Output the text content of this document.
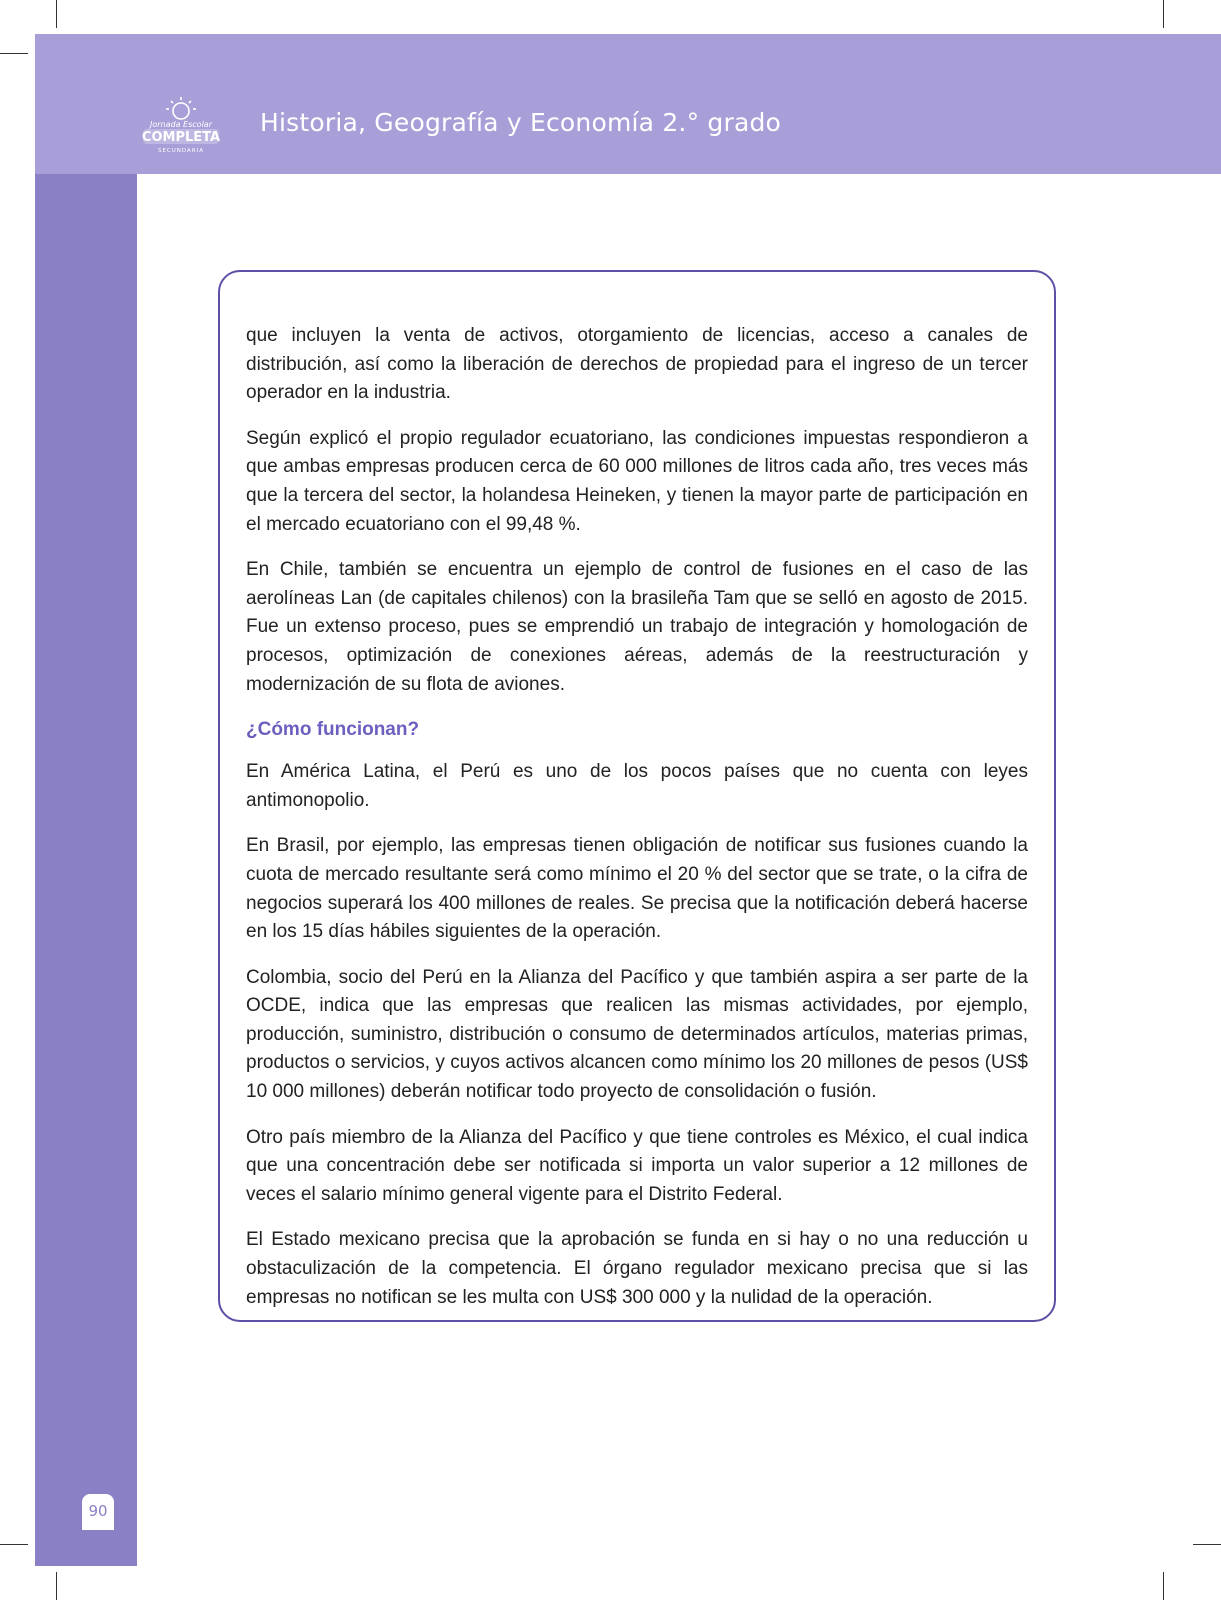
Jornada Escolar
COMPLETA
SECUNDARIA
Historia, Geografía y Economía 2.° grado
90

que incluyen la venta de activos, otorgamiento de licencias, acceso a canales de distribución, así como la liberación de derechos de propiedad para el ingreso de un tercer operador en la industria.

Según explicó el propio regulador ecuatoriano, las condiciones impuestas respondieron a que ambas empresas producen cerca de 60 000 millones de litros cada año, tres veces más que la tercera del sector, la holandesa Heineken, y tienen la mayor parte de participación en el mercado ecuatoriano con el 99,48 %.

En Chile, también se encuentra un ejemplo de control de fusiones en el caso de las aerolíneas Lan (de capitales chilenos) con la brasileña Tam que se selló en agosto de 2015. Fue un extenso proceso, pues se emprendió un trabajo de integración y homologación de procesos, optimización de conexiones aéreas, además de la reestructuración y modernización de su flota de aviones.

¿Cómo funcionan?

En América Latina, el Perú es uno de los pocos países que no cuenta con leyes antimonopolio.

En Brasil, por ejemplo, las empresas tienen obligación de notificar sus fusiones cuando la cuota de mercado resultante será como mínimo el 20 % del sector que se trate, o la cifra de negocios superará los 400 millones de reales. Se precisa que la notificación deberá hacerse en los 15 días hábiles siguientes de la operación.

Colombia, socio del Perú en la Alianza del Pacífico y que también aspira a ser parte de la OCDE, indica que las empresas que realicen las mismas actividades, por ejemplo, producción, suministro, distribución o consumo de determinados artículos, materias primas, productos o servicios, y cuyos activos alcancen como mínimo los 20 millones de pesos (US$ 10 000 millones) deberán notificar todo proyecto de consolidación o fusión.

Otro país miembro de la Alianza del Pacífico y que tiene controles es México, el cual indica que una concentración debe ser notificada si importa un valor superior a 12 millones de veces el salario mínimo general vigente para el Distrito Federal.

El Estado mexicano precisa que la aprobación se funda en si hay o no una reducción u obstaculización de la competencia. El órgano regulador mexicano precisa que si las empresas no notifican se les multa con US$ 300 000 y la nulidad de la operación.
